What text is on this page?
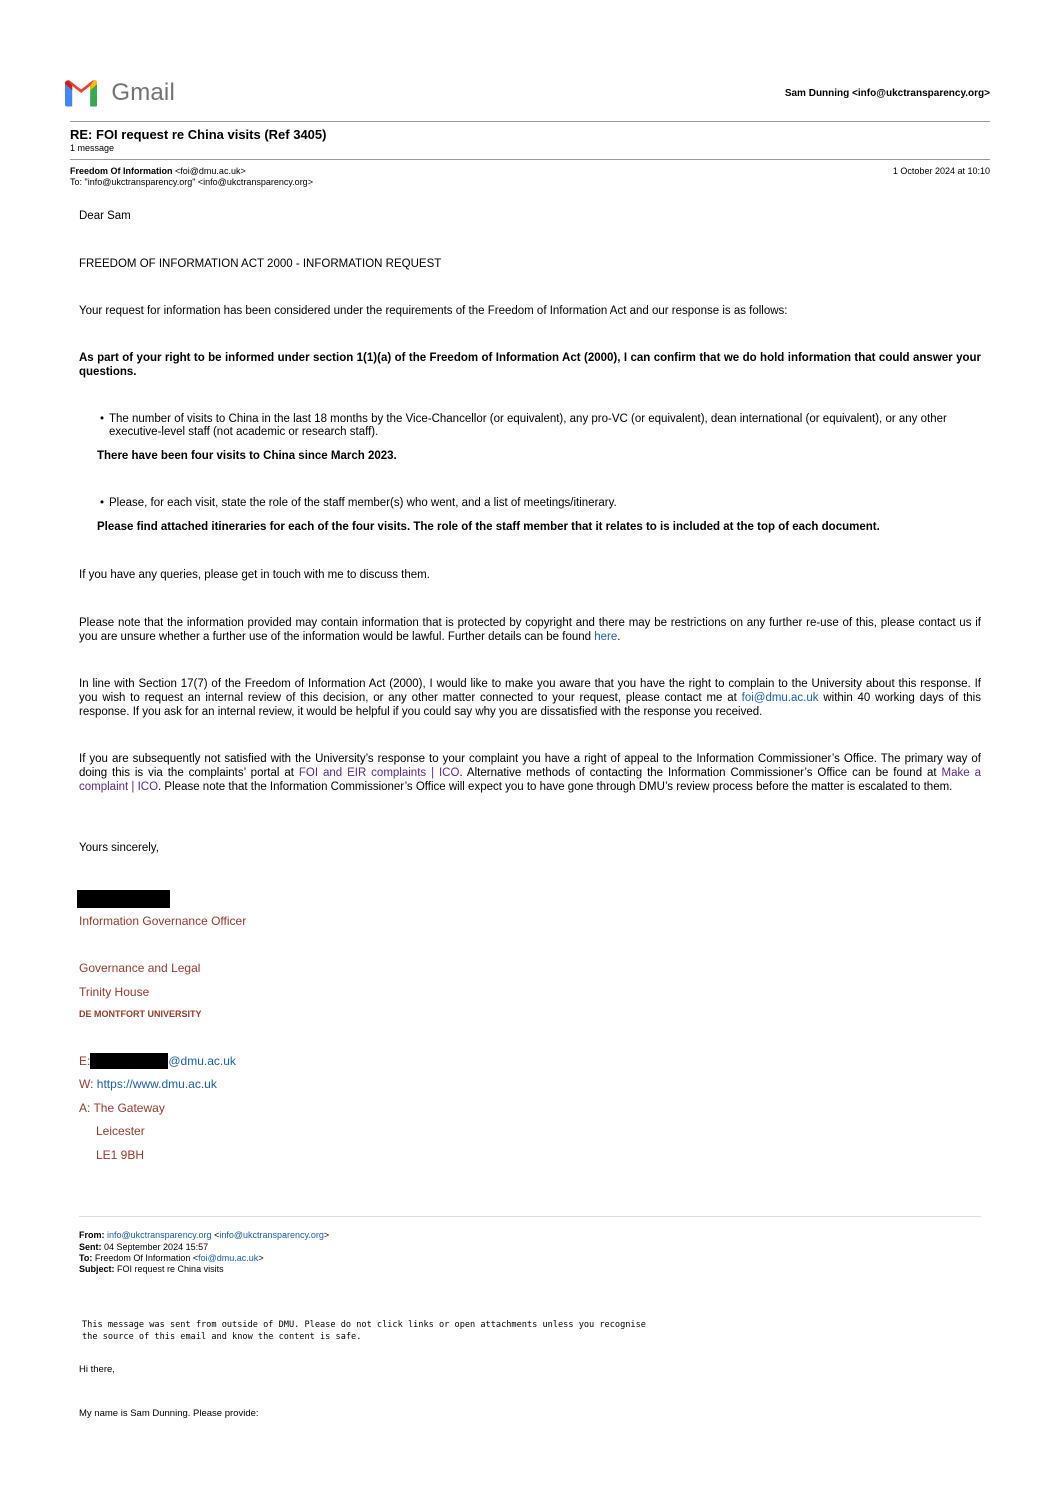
Gmail	Sam Dunning <info@ukctransparency.org>
RE: FOI request re China visits (Ref 3405)
1 message
Freedom Of Information <foi@dmu.ac.uk>
To: "info@ukctransparency.org" <info@ukctransparency.org>
1 October 2024 at 10:10
Dear Sam
FREEDOM OF INFORMATION ACT 2000 - INFORMATION REQUEST
Your request for information has been considered under the requirements of the Freedom of Information Act and our response is as follows:
As part of your right to be informed under section 1(1)(a) of the Freedom of Information Act (2000), I can confirm that we do hold information that could answer your questions.
• The number of visits to China in the last 18 months by the Vice-Chancellor (or equivalent), any pro-VC (or equivalent), dean international (or equivalent), or any other executive-level staff (not academic or research staff).
There have been four visits to China since March 2023.
• Please, for each visit, state the role of the staff member(s) who went, and a list of meetings/itinerary.
Please find attached itineraries for each of the four visits. The role of the staff member that it relates to is included at the top of each document.
If you have any queries, please get in touch with me to discuss them.
Please note that the information provided may contain information that is protected by copyright and there may be restrictions on any further re-use of this, please contact us if you are unsure whether a further use of the information would be lawful. Further details can be found here.
In line with Section 17(7) of the Freedom of Information Act (2000), I would like to make you aware that you have the right to complain to the University about this response. If you wish to request an internal review of this decision, or any other matter connected to your request, please contact me at foi@dmu.ac.uk within 40 working days of this response. If you ask for an internal review, it would be helpful if you could say why you are dissatisfied with the response you received.
If you are subsequently not satisfied with the University’s response to your complaint you have a right of appeal to the Information Commissioner’s Office. The primary way of doing this is via the complaints’ portal at FOI and EIR complaints | ICO. Alternative methods of contacting the Information Commissioner’s Office can be found at Make a complaint | ICO. Please note that the Information Commissioner’s Office will expect you to have gone through DMU’s review process before the matter is escalated to them.
Yours sincerely,
Information Governance Officer
Governance and Legal
Trinity House
DE MONTFORT UNIVERSITY
E:	@dmu.ac.uk
W: https://www.dmu.ac.uk
A: The Gateway
Leicester
LE1 9BH
From: info@ukctransparency.org <info@ukctransparency.org>
Sent: 04 September 2024 15:57
To: Freedom Of Information <foi@dmu.ac.uk>
Subject: FOI request re China visits
This message was sent from outside of DMU. Please do not click links or open attachments unless you recognise
the source of this email and know the content is safe.
Hi there,
My name is Sam Dunning. Please provide:
